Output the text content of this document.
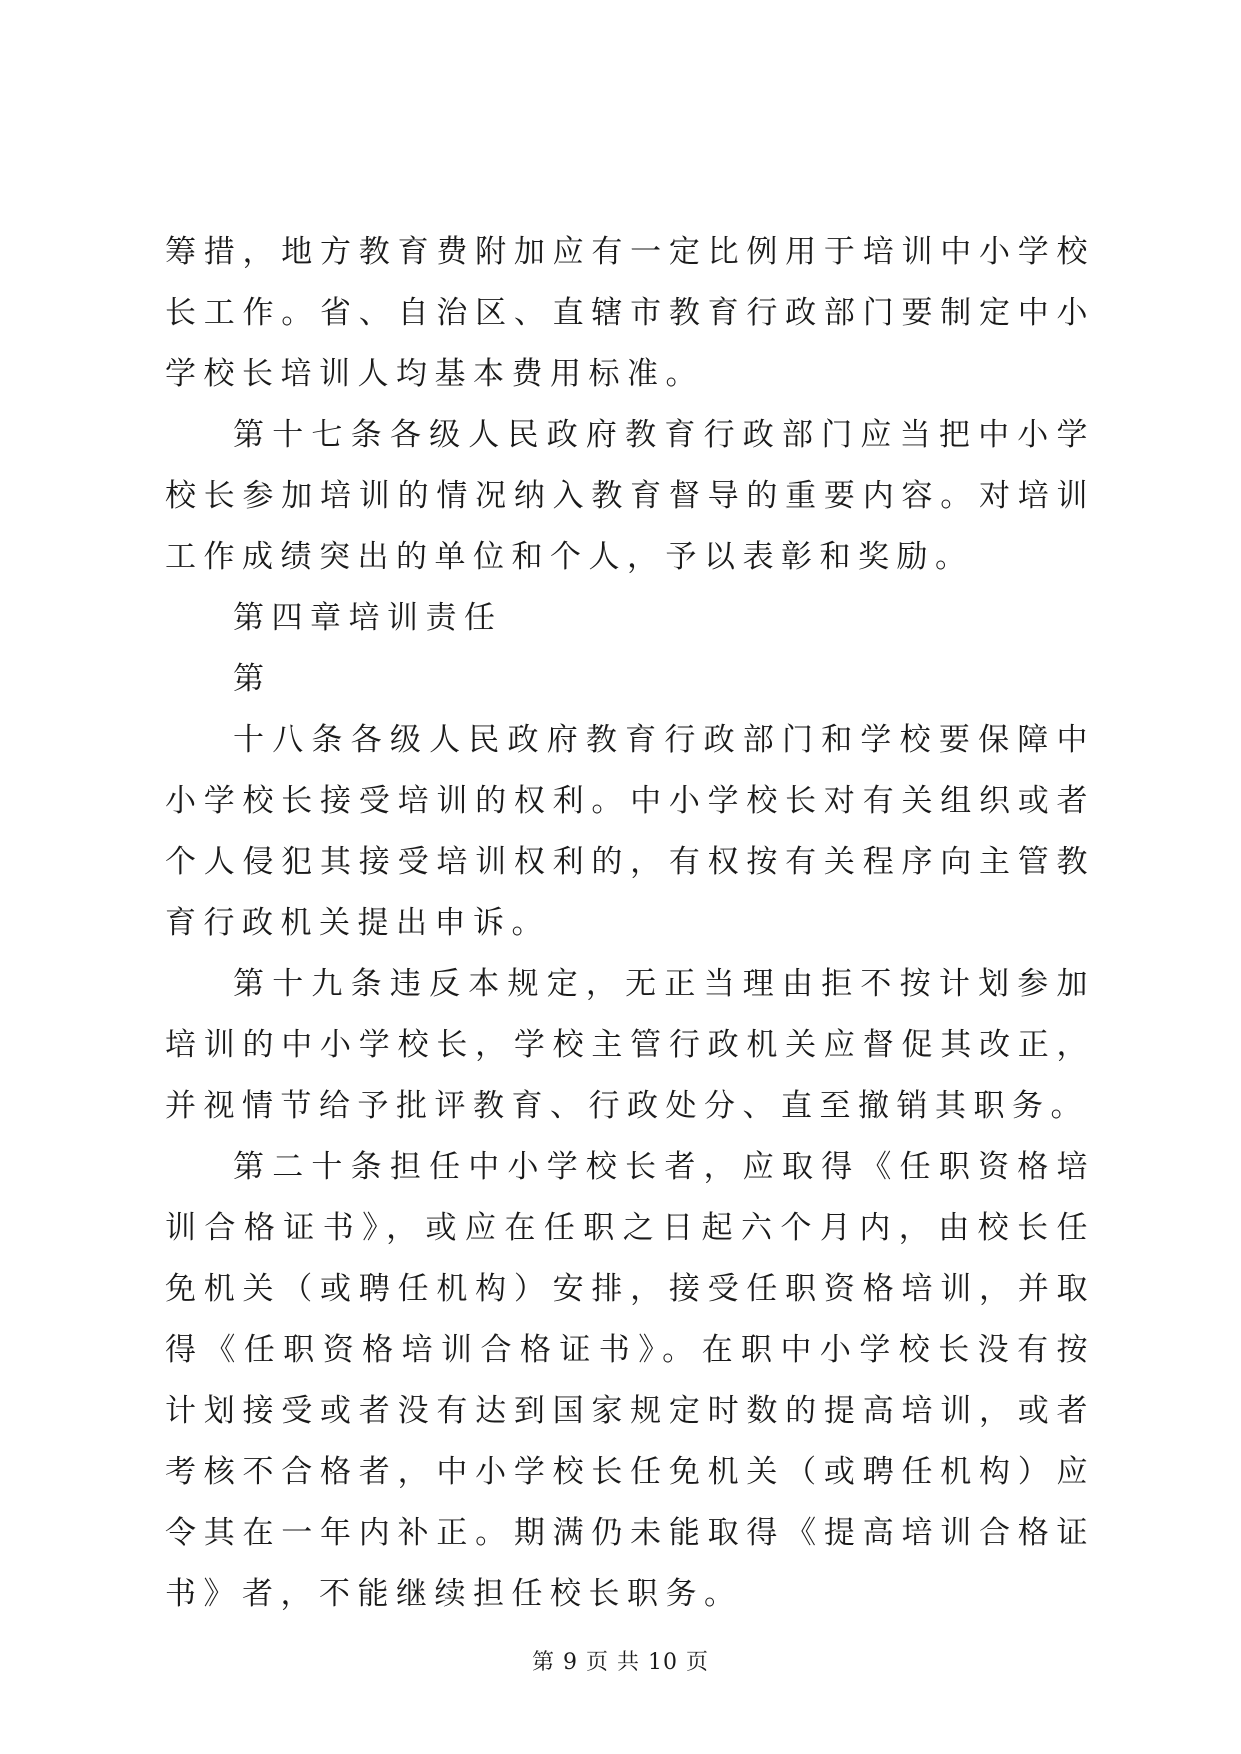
筹措，地方教育费附加应有一定比例用于培训中小学校长工作。省、自治区、直辖市教育行政部门要制定中小学校长培训人均基本费用标准。

第十七条各级人民政府教育行政部门应当把中小学校长参加培训的情况纳入教育督导的重要内容。对培训工作成绩突出的单位和个人，予以表彰和奖励。

第四章培训责任

第

十八条各级人民政府教育行政部门和学校要保障中小学校长接受培训的权利。中小学校长对有关组织或者个人侵犯其接受培训权利的，有权按有关程序向主管教育行政机关提出申诉。

第十九条违反本规定，无正当理由拒不按计划参加培训的中小学校长，学校主管行政机关应督促其改正，并视情节给予批评教育、行政处分、直至撤销其职务。

第二十条担任中小学校长者，应取得《任职资格培训合格证书》，或应在任职之日起六个月内，由校长任免机关（或聘任机构）安排，接受任职资格培训，并取得《任职资格培训合格证书》。在职中小学校长没有按计划接受或者没有达到国家规定时数的提高培训，或者考核不合格者，中小学校长任免机关（或聘任机构）应令其在一年内补正。期满仍未能取得《提高培训合格证书》者，不能继续担任校长职务。

第 9 页 共 10 页
